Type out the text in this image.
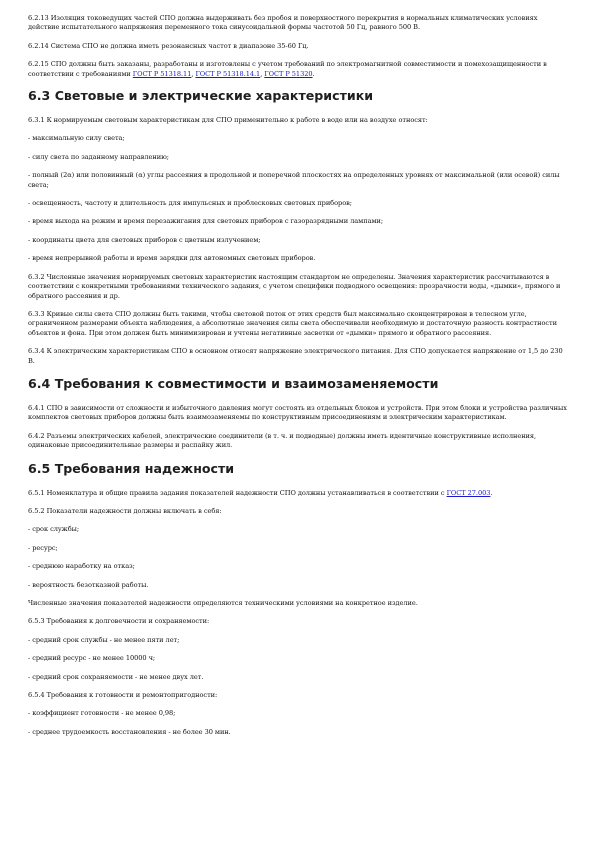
6.2.13 Изоляция токоведущих частей СПО должна выдерживать без пробоя и поверхностного перекрытия в нормальных климатических условиях действие испытательного напряжения переменного тока синусоидальной формы частотой 50 Гц, равного 500 В.

6.2.14 Система СПО не должна иметь резонансных частот в диапазоне 35-60 Гц.

6.2.15 СПО должны быть заказаны, разработаны и изготовлены с учетом требований по электромагнитной совместимости и помехозащищенности в соответствии с требованиями ГОСТ Р 51318.11, ГОСТ Р 51318.14.1, ГОСТ Р 51320.

6.3 Световые и электрические характеристики

6.3.1 К нормируемым световым характеристикам для СПО применительно к работе в воде или на воздухе относят:

- максимальную силу света;

- силу света по заданному направлению;

- полный (2α) или половинный (α) углы рассеяния в продольной и поперечной плоскостях на определенных уровнях от максимальной (или осевой) силы света;

- освещенность, частоту и длительность для импульсных и проблесковых световых приборов;

- время выхода на режим и время перезажигания для световых приборов с газоразрядными лампами;

- координаты цвета для световых приборов с цветным излучением;

- время непрерывной работы и время зарядки для автономных световых приборов.

6.3.2 Численные значения нормируемых световых характеристик настоящим стандартом не определены. Значения характеристик рассчитываются в соответствии с конкретными требованиями технического задания, с учетом специфики подводного освещения: прозрачности воды, «дымки», прямого и обратного рассеяния и др.

6.3.3 Кривые силы света СПО должны быть такими, чтобы световой поток от этих средств был максимально сконцентрирован в телесном угле, ограниченном размерами объекта наблюдения, а абсолютные значения силы света обеспечивали необходимую и достаточную разность контрастности объектов и фона. При этом должен быть минимизирован и учтены негативные засветки от «дымки» прямого и обратного рассеяния.

6.3.4 К электрическим характеристикам СПО в основном относят напряжение электрического питания. Для СПО допускается напряжение от 1,5 до 230 В.

6.4 Требования к совместимости и взаимозаменяемости

6.4.1 СПО в зависимости от сложности и избыточного давления могут состоять из отдельных блоков и устройств. При этом блоки и устройства различных комплектов световых приборов должны быть взаимозаменяемы по конструктивным присоединениям и электрическим характеристикам.

6.4.2 Разъемы электрических кабелей, электрические соединители (в т. ч. и подводные) должны иметь идентичные конструктивные исполнения, одинаковые присоединительные размеры и распайку жил.

6.5 Требования надежности

6.5.1 Номенклатура и общие правила задания показателей надежности СПО должны устанавливаться в соответствии с ГОСТ 27.003.

6.5.2 Показатели надежности должны включать в себя:

- срок службы;

- ресурс;

- среднюю наработку на отказ;

- вероятность безотказной работы.

Численные значения показателей надежности определяются техническими условиями на конкретное изделие.

6.5.3 Требования к долговечности и сохраняемости:

- средний срок службы - не менее пяти лет;

- средний ресурс - не менее 10000 ч;

- средний срок сохраняемости - не менее двух лет.

6.5.4 Требования к готовности и ремонтопригодности:

- коэффициент готовности - не менее 0,98;

- среднее трудоемкость восстановления - не более 30 мин.
